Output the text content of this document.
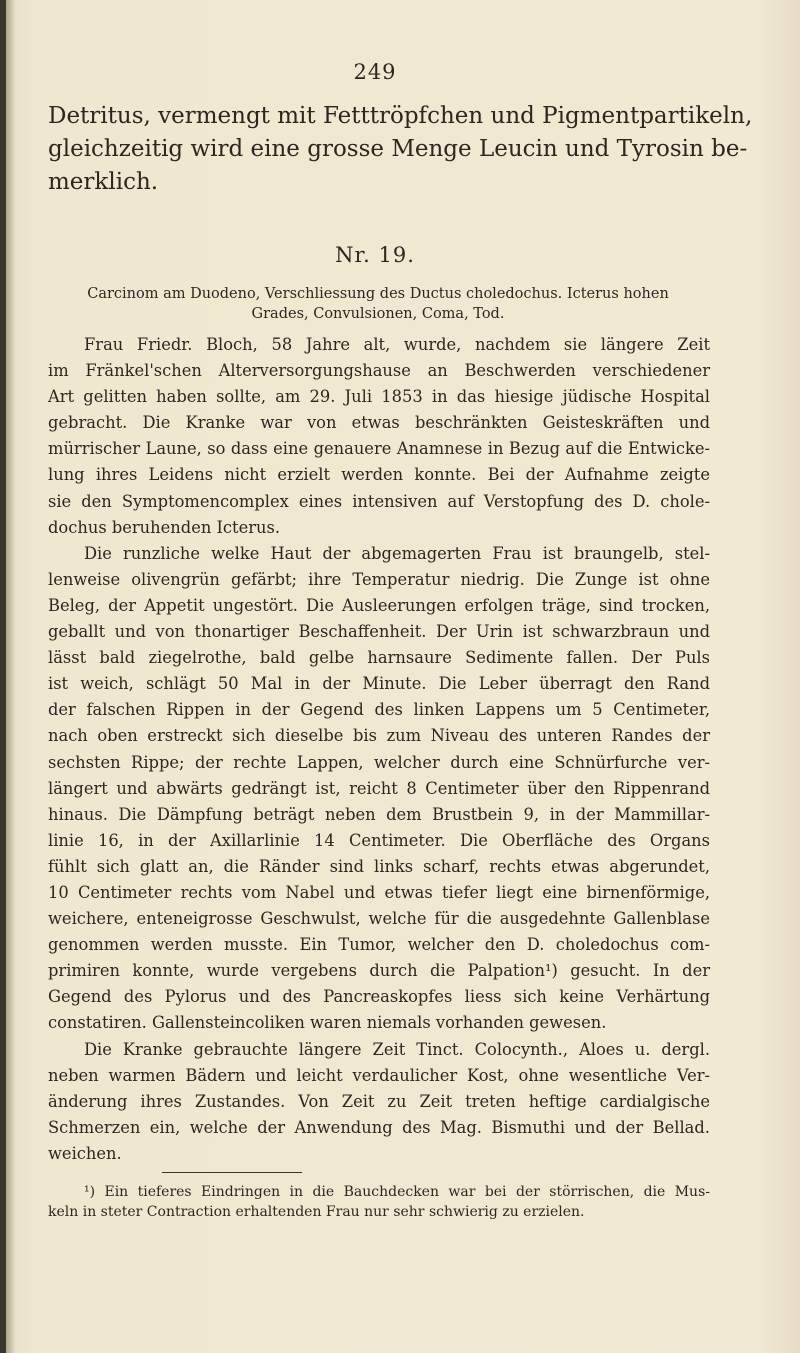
249
Detritus, vermengt mit Fetttröpfchen und Pigmentpartikeln,
gleichzeitig wird eine grosse Menge Leucin und Tyrosin be-
merklich.
Nr. 19.
Carcinom am Duodeno, Verschliessung des Ductus choledochus. Icterus hohen
Grades, Convulsionen, Coma, Tod.
Frau Friedr. Bloch, 58 Jahre alt, wurde, nachdem sie längere Zeit
im Fränkel'schen Alterversorgungshause an Beschwerden verschiedener
Art gelitten haben sollte, am 29. Juli 1853 in das hiesige jüdische Hospital
gebracht. Die Kranke war von etwas beschränkten Geisteskräften und
mürrischer Laune, so dass eine genauere Anamnese in Bezug auf die Entwicke-
lung ihres Leidens nicht erzielt werden konnte. Bei der Aufnahme zeigte
sie den Symptomencomplex eines intensiven auf Verstopfung des D. chole-
dochus beruhenden Icterus.
Die runzliche welke Haut der abgemagerten Frau ist braungelb, stel-
lenweise olivengrün gefärbt; ihre Temperatur niedrig. Die Zunge ist ohne
Beleg, der Appetit ungestört. Die Ausleerungen erfolgen träge, sind trocken,
geballt und von thonartiger Beschaffenheit. Der Urin ist schwarzbraun und
lässt bald ziegelrothe, bald gelbe harnsaure Sedimente fallen. Der Puls
ist weich, schlägt 50 Mal in der Minute. Die Leber überragt den Rand
der falschen Rippen in der Gegend des linken Lappens um 5 Centimeter,
nach oben erstreckt sich dieselbe bis zum Niveau des unteren Randes der
sechsten Rippe; der rechte Lappen, welcher durch eine Schnürfurche ver-
längert und abwärts gedrängt ist, reicht 8 Centimeter über den Rippenrand
hinaus. Die Dämpfung beträgt neben dem Brustbein 9, in der Mammillar-
linie 16, in der Axillarlinie 14 Centimeter. Die Oberfläche des Organs
fühlt sich glatt an, die Ränder sind links scharf, rechts etwas abgerundet,
10 Centimeter rechts vom Nabel und etwas tiefer liegt eine birnenförmige,
weichere, enteneigrosse Geschwulst, welche für die ausgedehnte Gallenblase
genommen werden musste. Ein Tumor, welcher den D. choledochus com-
primiren konnte, wurde vergebens durch die Palpation¹) gesucht. In der
Gegend des Pylorus und des Pancreaskopfes liess sich keine Verhärtung
constatiren. Gallensteincoliken waren niemals vorhanden gewesen.
Die Kranke gebrauchte längere Zeit Tinct. Colocynth., Aloes u. dergl.
neben warmen Bädern und leicht verdaulicher Kost, ohne wesentliche Ver-
änderung ihres Zustandes. Von Zeit zu Zeit treten heftige cardialgische
Schmerzen ein, welche der Anwendung des Mag. Bismuthi und der Bellad.
weichen.
¹) Ein tieferes Eindringen in die Bauchdecken war bei der störrischen, die Mus-
keln in steter Contraction erhaltenden Frau nur sehr schwierig zu erzielen.
